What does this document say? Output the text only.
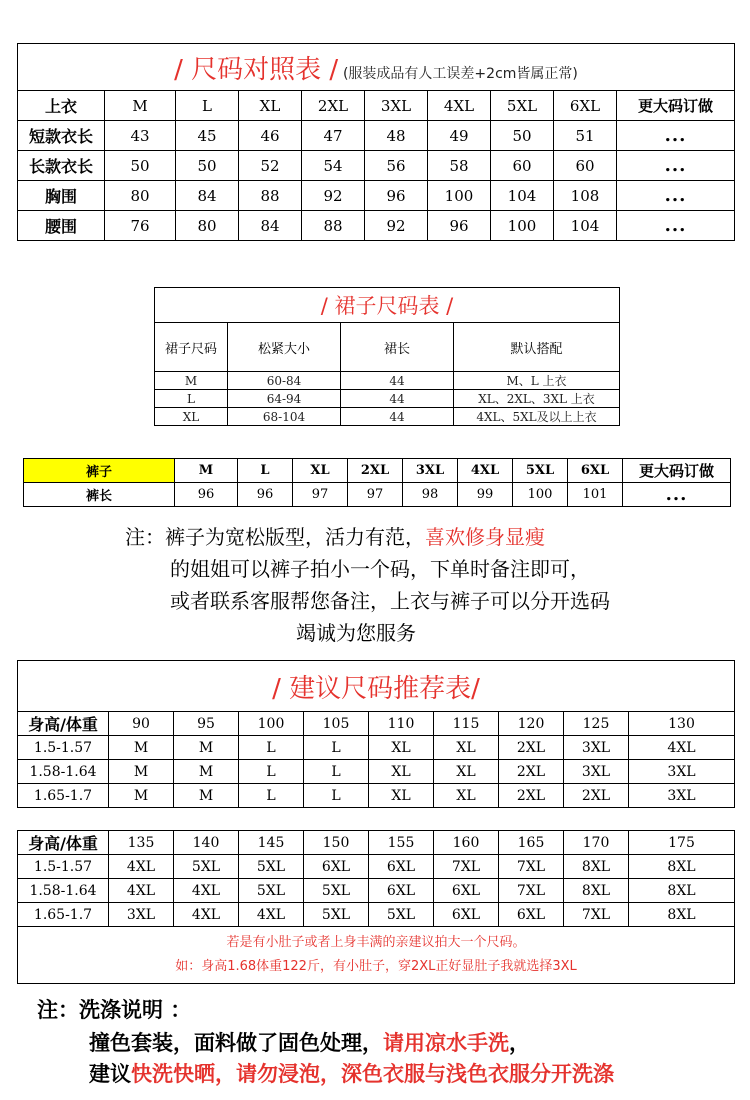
/ 尺码对照表 / (服装成品有人工误差+2cm皆属正常)									
上衣	M	L	XL	2XL	3XL	4XL	5XL	6XL	更大码订做
短款衣长	43	45	46	47	48	49	50	51	...
长款衣长	50	50	52	54	56	58	60	60	...
胸围	80	84	88	92	96	100	104	108	...
腰围	76	80	84	88	92	96	100	104	...
/ 裙子尺码表 /			
裙子尺码	松紧大小	裙长	默认搭配
M	60-84	44	M、L 上衣
L	64-94	44	XL、2XL、3XL 上衣
XL	68-104	44	4XL、5XL及以上上衣
裤子	M	L	XL	2XL	3XL	4XL	5XL	6XL	更大码订做
裤长	96	96	97	97	98	99	100	101	...
注：裤子为宽松版型，活力有范，喜欢修身显瘦
的姐姐可以裤子拍小一个码，下单时备注即可，
或者联系客服帮您备注，上衣与裤子可以分开选码
竭诚为您服务
/ 建议尺码推荐表/									
身高/体重	90	95	100	105	110	115	120	125	130
1.5-1.57	M	M	L	L	XL	XL	2XL	3XL	4XL
1.58-1.64	M	M	L	L	XL	XL	2XL	3XL	3XL
1.65-1.7	M	M	L	L	XL	XL	2XL	2XL	3XL
身高/体重	135	140	145	150	155	160	165	170	175
1.5-1.57	4XL	5XL	5XL	6XL	6XL	7XL	7XL	8XL	8XL
1.58-1.64	4XL	4XL	5XL	5XL	6XL	6XL	7XL	8XL	8XL
1.65-1.7	3XL	4XL	4XL	5XL	5XL	6XL	6XL	7XL	8XL

若是有小肚子或者上身丰满的亲建议拍大一个尺码。
如：身高1.68体重122斤，有小肚子，穿2XL正好显肚子我就选择3XL									
注：洗涤说明 ：
撞色套装，面料做了固色处理，请用凉水手洗，
建议快洗快晒，请勿浸泡，深色衣服与浅色衣服分开洗涤
